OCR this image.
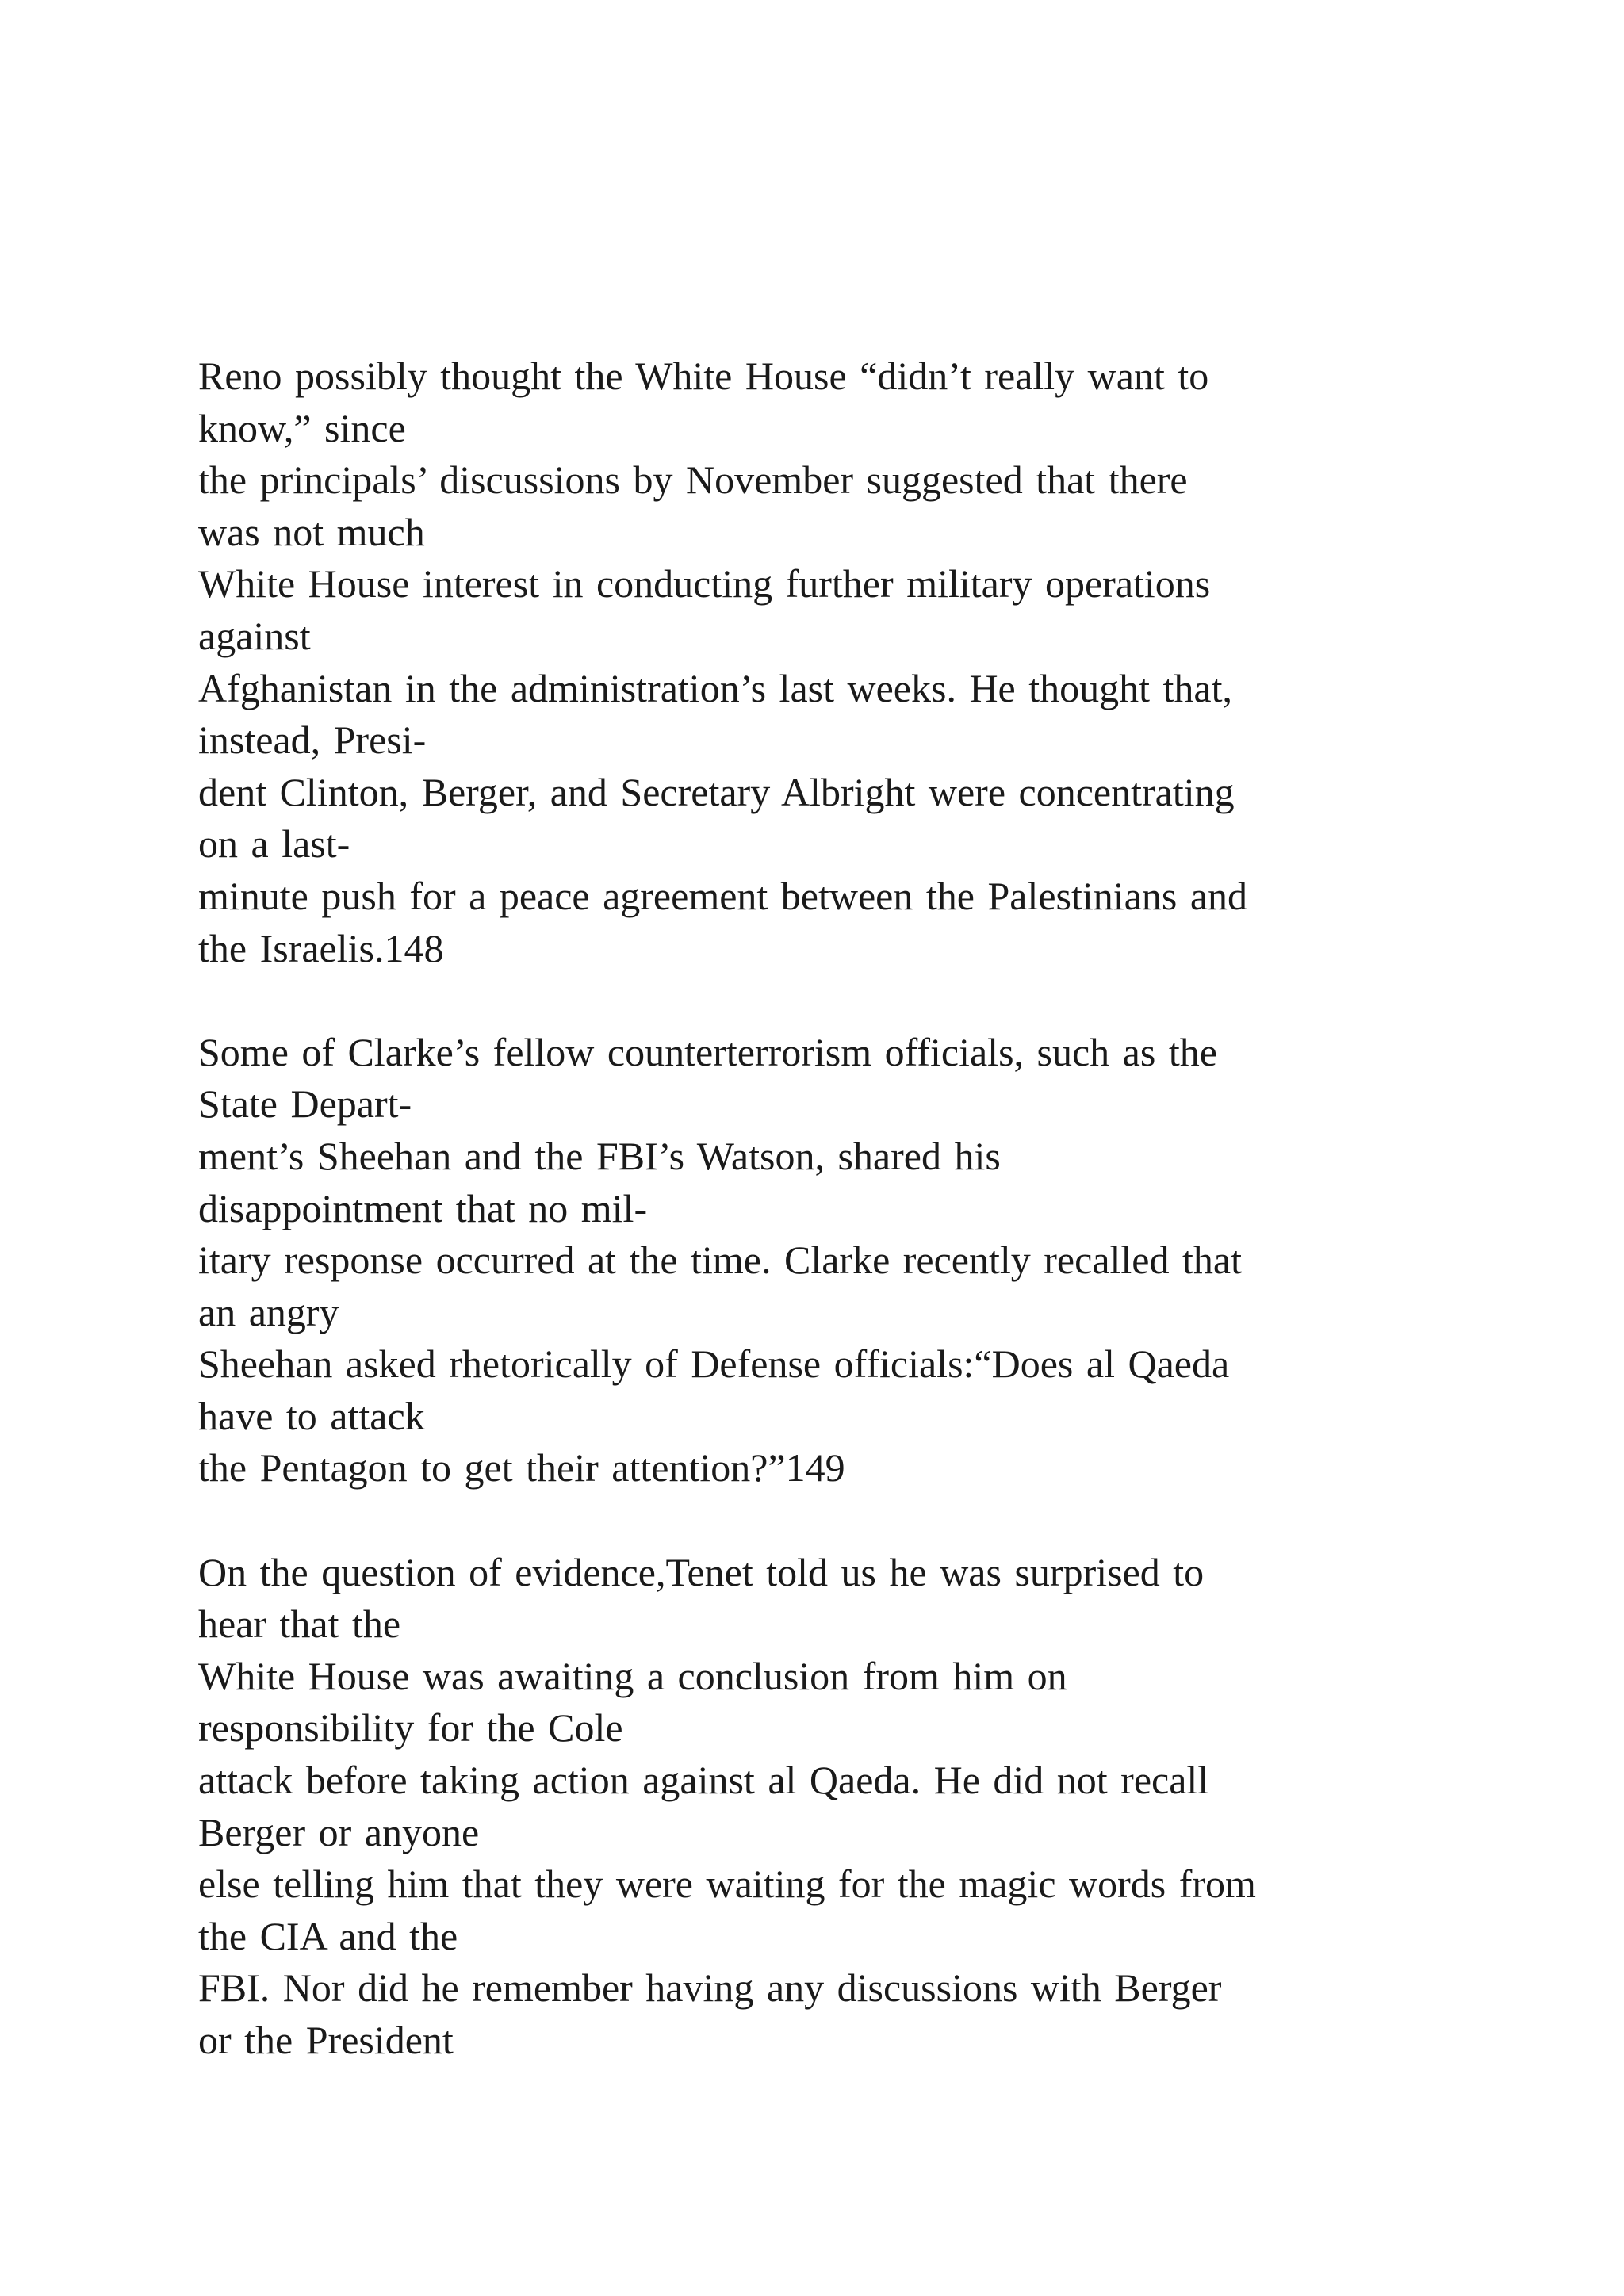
Reno possibly thought the White House “didn’t really want to
know,” since
the principals’ discussions by November suggested that there
was not much
White House interest in conducting further military operations
against
Afghanistan in the administration’s last weeks. He thought that,
instead, Presi-
dent Clinton, Berger, and Secretary Albright were concentrating
on a last-
minute push for a peace agreement between the Palestinians and
the Israelis.148
Some of Clarke’s fellow counterterrorism officials, such as the
State Depart-
ment’s Sheehan and the FBI’s Watson, shared his
disappointment that no mil-
itary response occurred at the time. Clarke recently recalled that
an angry
Sheehan asked rhetorically of Defense officials:“Does al Qaeda
have to attack
the Pentagon to get their attention?”149
On the question of evidence,Tenet told us he was surprised to
hear that the
White House was awaiting a conclusion from him on
responsibility for the Cole
attack before taking action against al Qaeda. He did not recall
Berger or anyone
else telling him that they were waiting for the magic words from
the CIA and the
FBI. Nor did he remember having any discussions with Berger
or the President
